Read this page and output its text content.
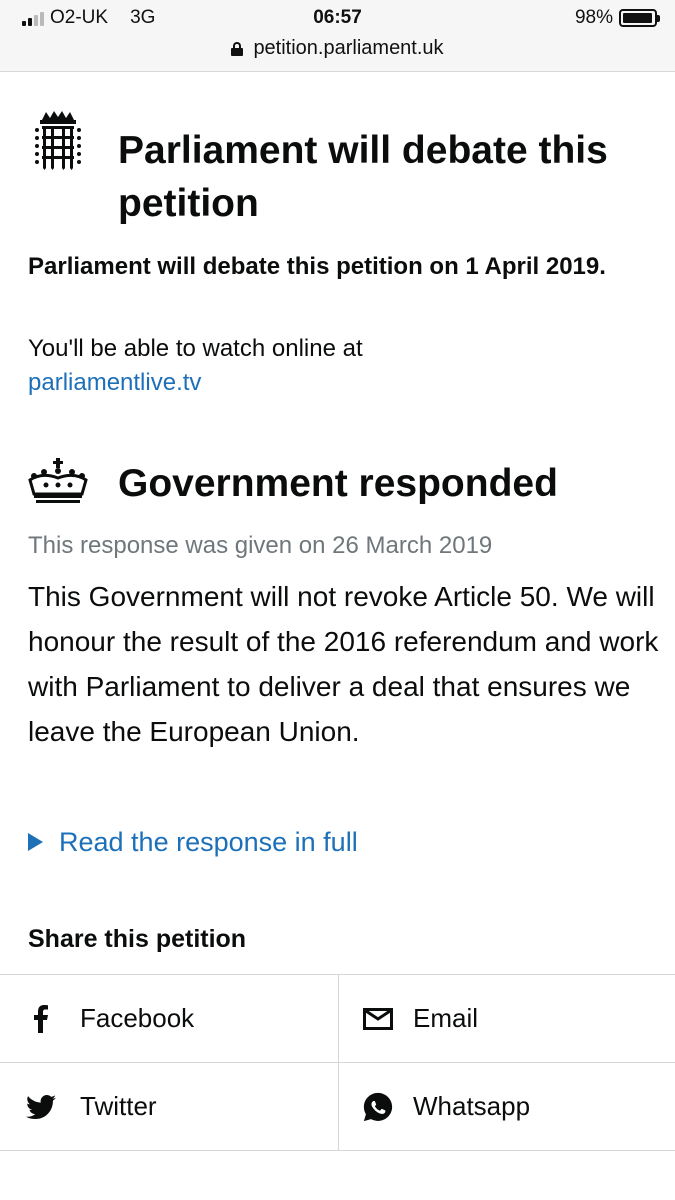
O2-UK 3G	06:57	98%
petition.parliament.uk
Parliament will debate this petition

Parliament will debate this petition on 1 April 2019.

You'll be able to watch online at
parliamentlive.tv

Government responded

This response was given on 26 March 2019

This Government will not revoke Article 50. We will honour the result of the 2016 referendum and work with Parliament to deliver a deal that ensures we leave the European Union.

Read the response in full
Share this petition
Facebook	Email
Twitter	Whatsapp
